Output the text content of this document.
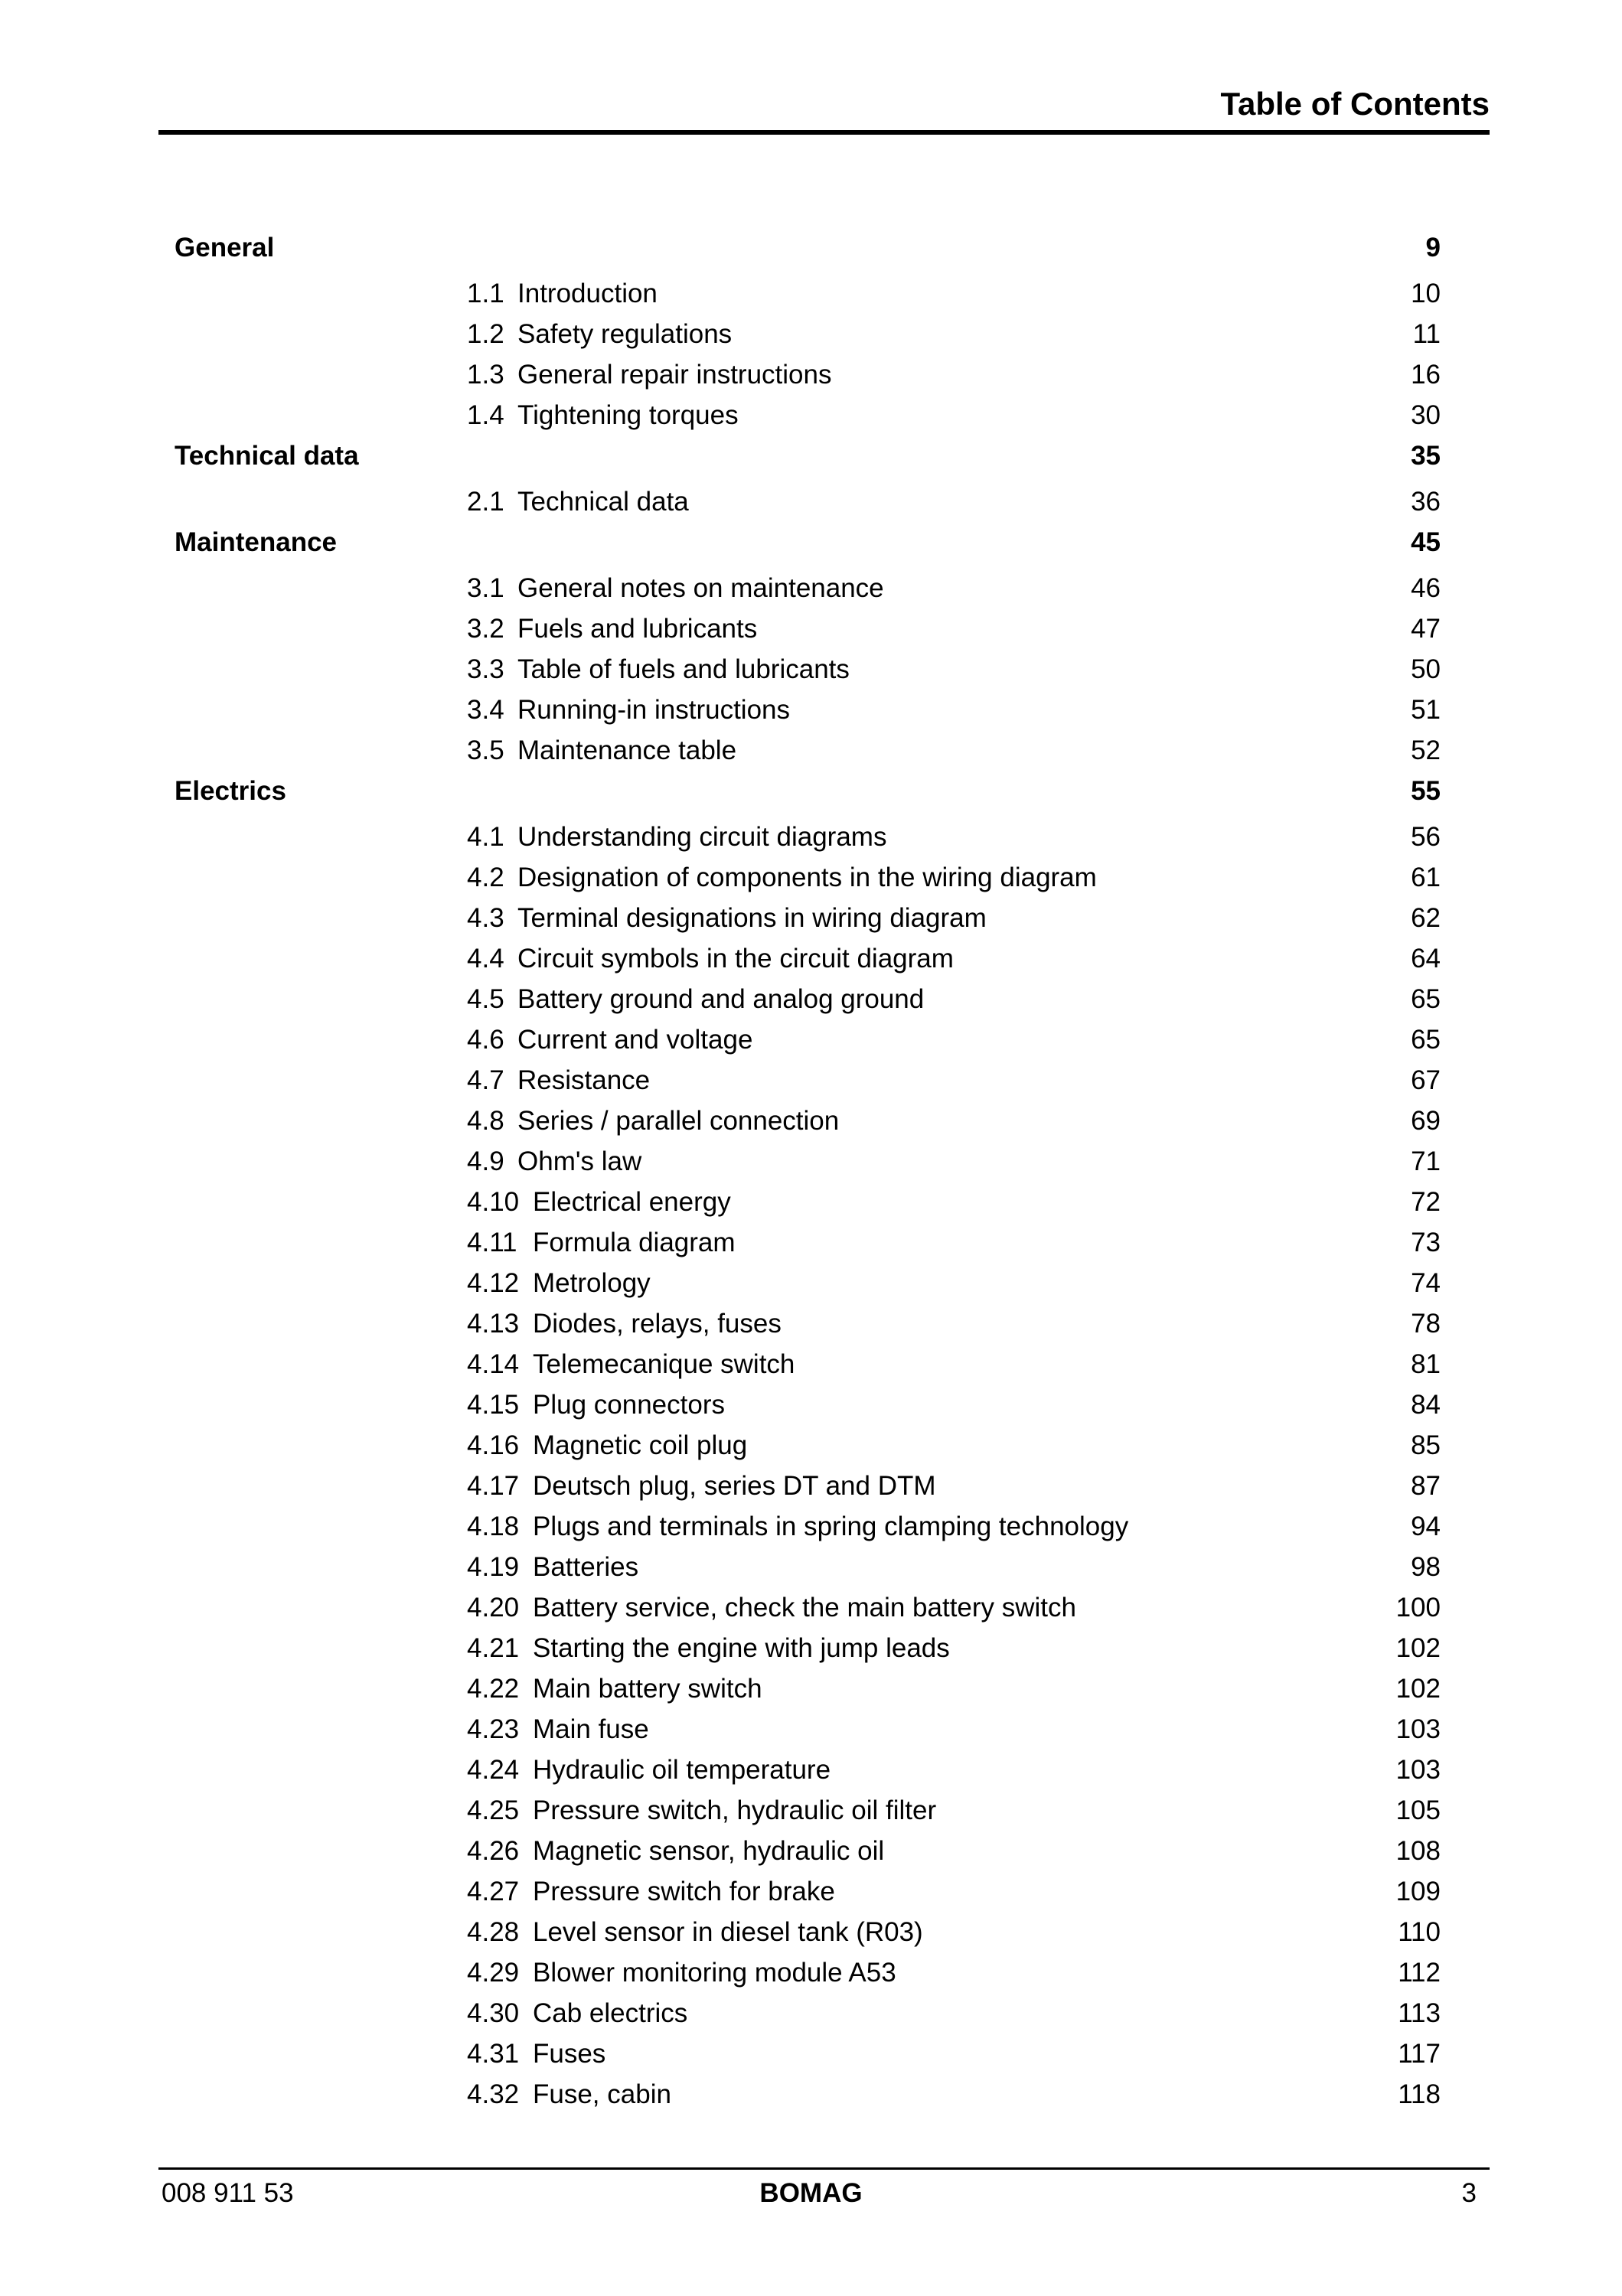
Table of Contents
General	9
1.1 Introduction	10
1.2 Safety regulations	11
1.3 General repair instructions	16
1.4 Tightening torques	30
Technical data	35
2.1 Technical data	36
Maintenance	45
3.1 General notes on maintenance	46
3.2 Fuels and lubricants	47
3.3 Table of fuels and lubricants	50
3.4 Running-in instructions	51
3.5 Maintenance table	52
Electrics	55
4.1 Understanding circuit diagrams	56
4.2 Designation of components in the wiring diagram	61
4.3 Terminal designations in wiring diagram	62
4.4 Circuit symbols in the circuit diagram	64
4.5 Battery ground and analog ground	65
4.6 Current and voltage	65
4.7 Resistance	67
4.8 Series / parallel connection	69
4.9 Ohm's law	71
4.10 Electrical energy	72
4.11 Formula diagram	73
4.12 Metrology	74
4.13 Diodes, relays, fuses	78
4.14 Telemecanique switch	81
4.15 Plug connectors	84
4.16 Magnetic coil plug	85
4.17 Deutsch plug, series DT and DTM	87
4.18 Plugs and terminals in spring clamping technology	94
4.19 Batteries	98
4.20 Battery service, check the main battery switch	100
4.21 Starting the engine with jump leads	102
4.22 Main battery switch	102
4.23 Main fuse	103
4.24 Hydraulic oil temperature	103
4.25 Pressure switch, hydraulic oil filter	105
4.26 Magnetic sensor, hydraulic oil	108
4.27 Pressure switch for brake	109
4.28 Level sensor in diesel tank (R03)	110
4.29 Blower monitoring module A53	112
4.30 Cab electrics	113
4.31 Fuses	117
4.32 Fuse, cabin	118
008 911 53	BOMAG	3
